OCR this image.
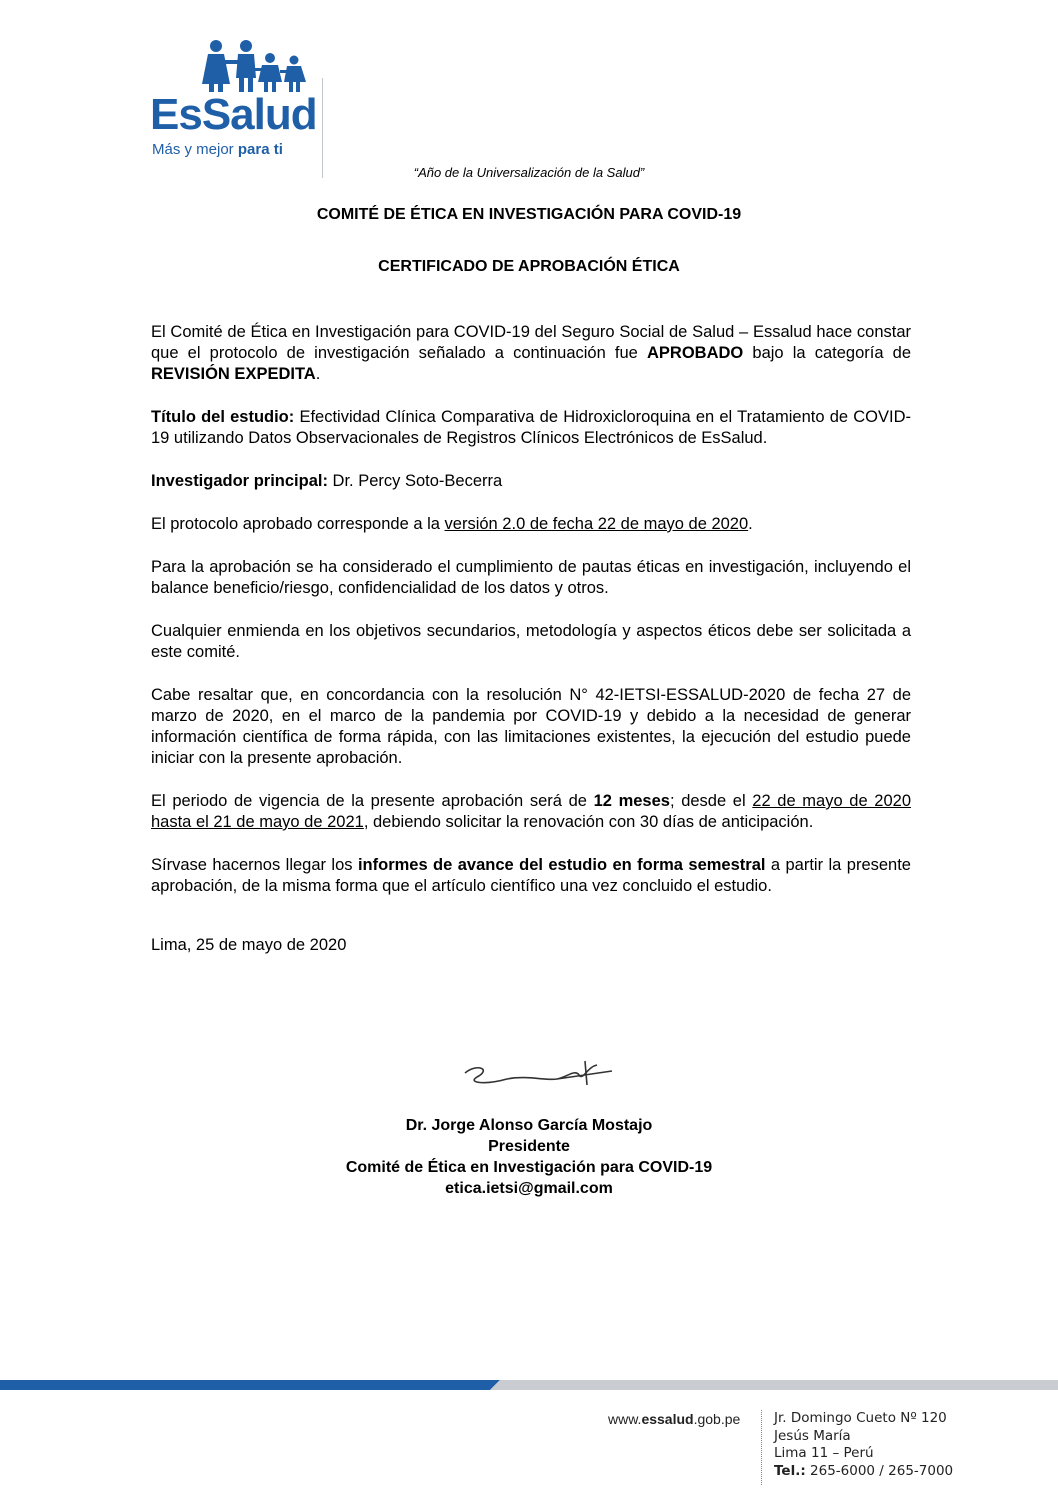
EsSalud
Más y mejor para ti
“Año de la Universalización de la Salud”
COMITÉ DE ÉTICA EN INVESTIGACIÓN PARA COVID-19
CERTIFICADO DE APROBACIÓN ÉTICA

El Comité de Ética en Investigación para COVID-19 del Seguro Social de Salud – Essalud hace constar que el protocolo de investigación señalado a continuación fue APROBADO bajo la categoría de REVISIÓN EXPEDITA.

Título del estudio: Efectividad Clínica Comparativa de Hidroxicloroquina en el Tratamiento de COVID-19 utilizando Datos Observacionales de Registros Clínicos Electrónicos de EsSalud.

Investigador principal: Dr. Percy Soto-Becerra

El protocolo aprobado corresponde a la versión 2.0 de fecha 22 de mayo de 2020.

Para la aprobación se ha considerado el cumplimiento de pautas éticas en investigación, incluyendo el balance beneficio/riesgo, confidencialidad de los datos y otros.

Cualquier enmienda en los objetivos secundarios, metodología y aspectos éticos debe ser solicitada a este comité.

Cabe resaltar que, en concordancia con la resolución N° 42-IETSI-ESSALUD-2020 de fecha 27 de marzo de 2020, en el marco de la pandemia por COVID-19 y debido a la necesidad de generar información científica de forma rápida, con las limitaciones existentes, la ejecución del estudio puede iniciar con la presente aprobación.

El periodo de vigencia de la presente aprobación será de 12 meses; desde el 22 de mayo de 2020 hasta el 21 de mayo de 2021, debiendo solicitar la renovación con 30 días de anticipación.

Sírvase hacernos llegar los informes de avance del estudio en forma semestral a partir la presente aprobación, de la misma forma que el artículo científico una vez concluido el estudio.

Lima, 25 de mayo de 2020

Dr. Jorge Alonso García Mostajo
Presidente
Comité de Ética en Investigación para COVID-19
etica.ietsi@gmail.com
www.essalud.gob.pe Jr. Domingo Cueto Nº 120
Jesús María
Lima 11 – Perú
Tel.: 265-6000 / 265-7000
